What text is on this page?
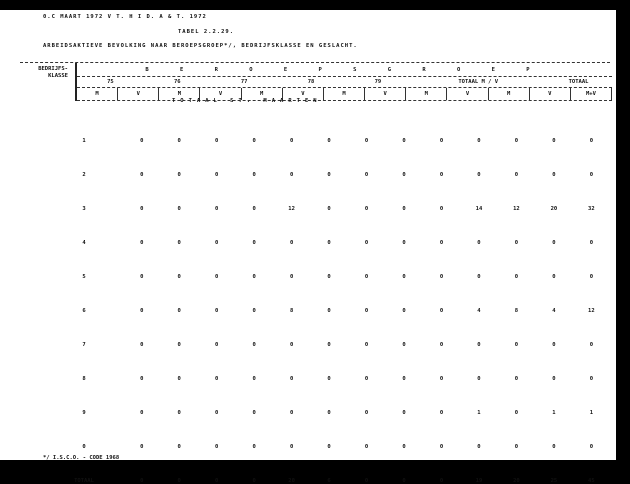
0.C MAART 1972 V T. H I D. A & T. 1972
TABEL 2.2.29.
ARBEIDSAKTIEVE BEVOLKING NAAR BEROEPSGROEP*/, BEDRIJFSKLASSE EN GESLACHT.
BEDRIJFS- KLASSE
B E R O E P S G R O E P
75	76	77	78	79	TOTAAL M / V	TOTAAL
M	V	M	V	M	V	M	V	M	V	M	V	M+V
TOTAAL ST. MAARTEN
1	0	0	0	0	0	0	0	0	0	0	0	0	0
2	0	0	0	0	0	0	0	0	0	0	0	0	0
3	0	0	0	0	12	0	0	0	0	14	12	20	32
4	0	0	0	0	0	0	0	0	0	0	0	0	0
5	0	0	0	0	0	0	0	0	0	0	0	0	0
6	0	0	0	0	8	0	0	0	0	4	8	4	12
7	0	0	0	0	0	0	0	0	0	0	0	0	0
8	0	0	0	0	0	0	0	0	0	0	0	0	0
9	0	0	0	0	0	0	0	0	0	1	0	1	1
0	0	0	0	0	0	0	0	0	0	0	0	0	0
TOTAAL	0	0	0	0	20	6	0	0	0	19	20	25	45
*/ I.S.C.O. - CODE 1968
